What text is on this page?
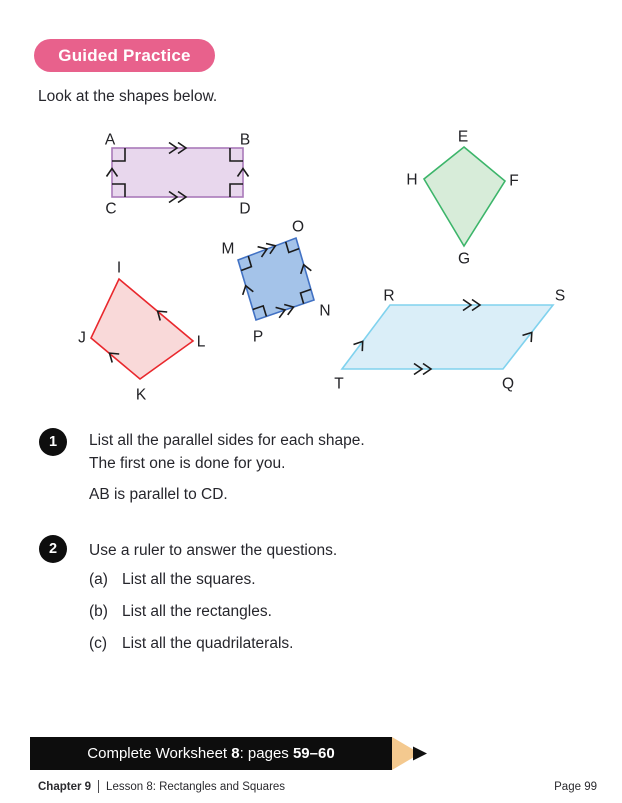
Guided Practice

Look at the shapes below.

A	B
C	D
E
F
G
H
M
O
N
P
I
J
K
L
R	S
T	Q
1 List all the parallel sides for each shape.
The first one is done for you.

AB is parallel to CD.

2 Use a ruler to answer the questions.

(a) List all the squares.
(b) List all the rectangles.
(c) List all the quadrilaterals.
Complete Worksheet 8: pages 59–60
Chapter 9 Lesson 8: Rectangles and Squares	Page 99
